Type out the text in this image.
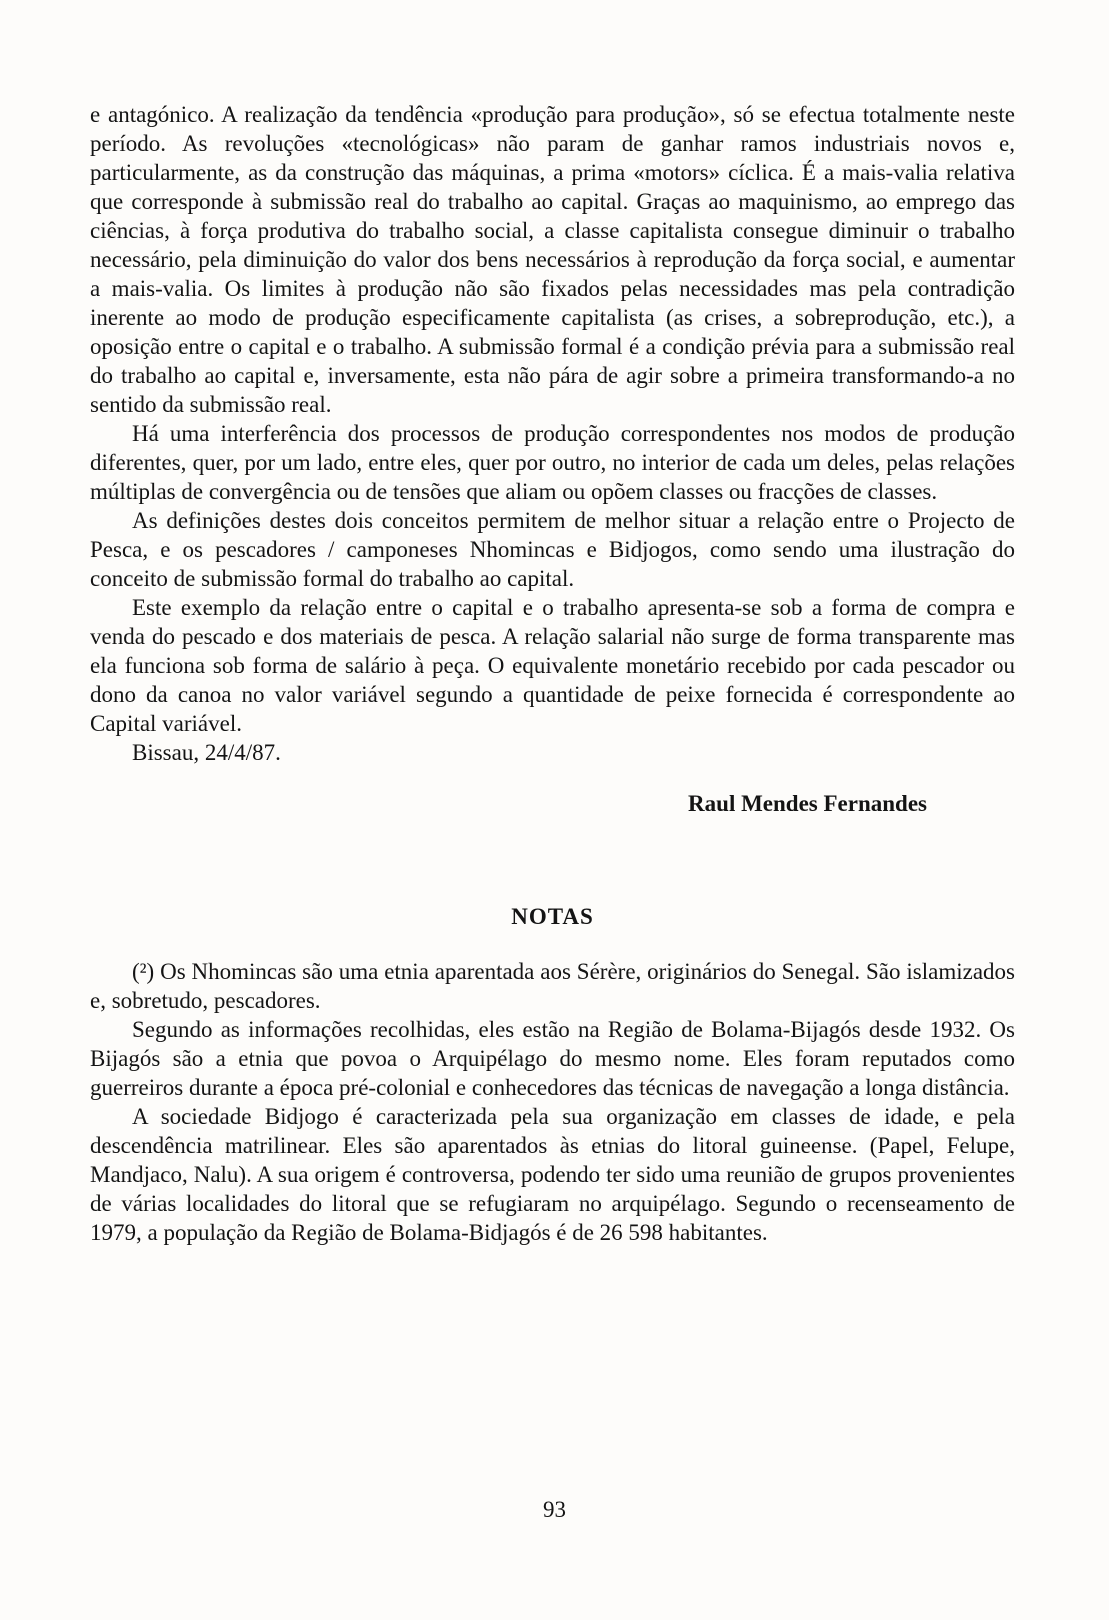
e antagónico. A realização da tendência «produção para produção», só se efectua totalmente neste período. As revoluções «tecnológicas» não param de ganhar ramos industriais novos e, particularmente, as da construção das máquinas, a prima «motors» cíclica. É a mais-valia relativa que corresponde à submissão real do trabalho ao capital. Graças ao maquinismo, ao emprego das ciências, à força produtiva do trabalho social, a classe capitalista consegue diminuir o trabalho necessário, pela diminuição do valor dos bens necessários à reprodução da força social, e aumentar a mais-valia. Os limites à produção não são fixados pelas necessidades mas pela contradição inerente ao modo de produção especificamente capitalista (as crises, a sobreprodução, etc.), a oposição entre o capital e o trabalho. A submissão formal é a condição prévia para a submissão real do trabalho ao capital e, inversamente, esta não pára de agir sobre a primeira transformando-a no sentido da submissão real.

Há uma interferência dos processos de produção correspondentes nos modos de produção diferentes, quer, por um lado, entre eles, quer por outro, no interior de cada um deles, pelas relações múltiplas de convergência ou de tensões que aliam ou opõem classes ou fracções de classes.

As definições destes dois conceitos permitem de melhor situar a relação entre o Projecto de Pesca, e os pescadores / camponeses Nhomincas e Bidjogos, como sendo uma ilustração do conceito de submissão formal do trabalho ao capital.

Este exemplo da relação entre o capital e o trabalho apresenta-se sob a forma de compra e venda do pescado e dos materiais de pesca. A relação salarial não surge de forma transparente mas ela funciona sob forma de salário à peça. O equivalente monetário recebido por cada pescador ou dono da canoa no valor variável segundo a quantidade de peixe fornecida é correspondente ao Capital variável.

Bissau, 24/4/87.

Raul Mendes Fernandes
NOTAS

(²) Os Nhomincas são uma etnia aparentada aos Sérère, originários do Senegal. São islamizados e, sobretudo, pescadores.

Segundo as informações recolhidas, eles estão na Região de Bolama-Bijagós desde 1932. Os Bijagós são a etnia que povoa o Arquipélago do mesmo nome. Eles foram reputados como guerreiros durante a época pré-colonial e conhecedores das técnicas de navegação a longa distância.

A sociedade Bidjogo é caracterizada pela sua organização em classes de idade, e pela descendência matrilinear. Eles são aparentados às etnias do litoral guineense. (Papel, Felupe, Mandjaco, Nalu). A sua origem é controversa, podendo ter sido uma reunião de grupos provenientes de várias localidades do litoral que se refugiaram no arquipélago. Segundo o recenseamento de 1979, a população da Região de Bolama-Bidjagós é de 26 598 habitantes.

93
